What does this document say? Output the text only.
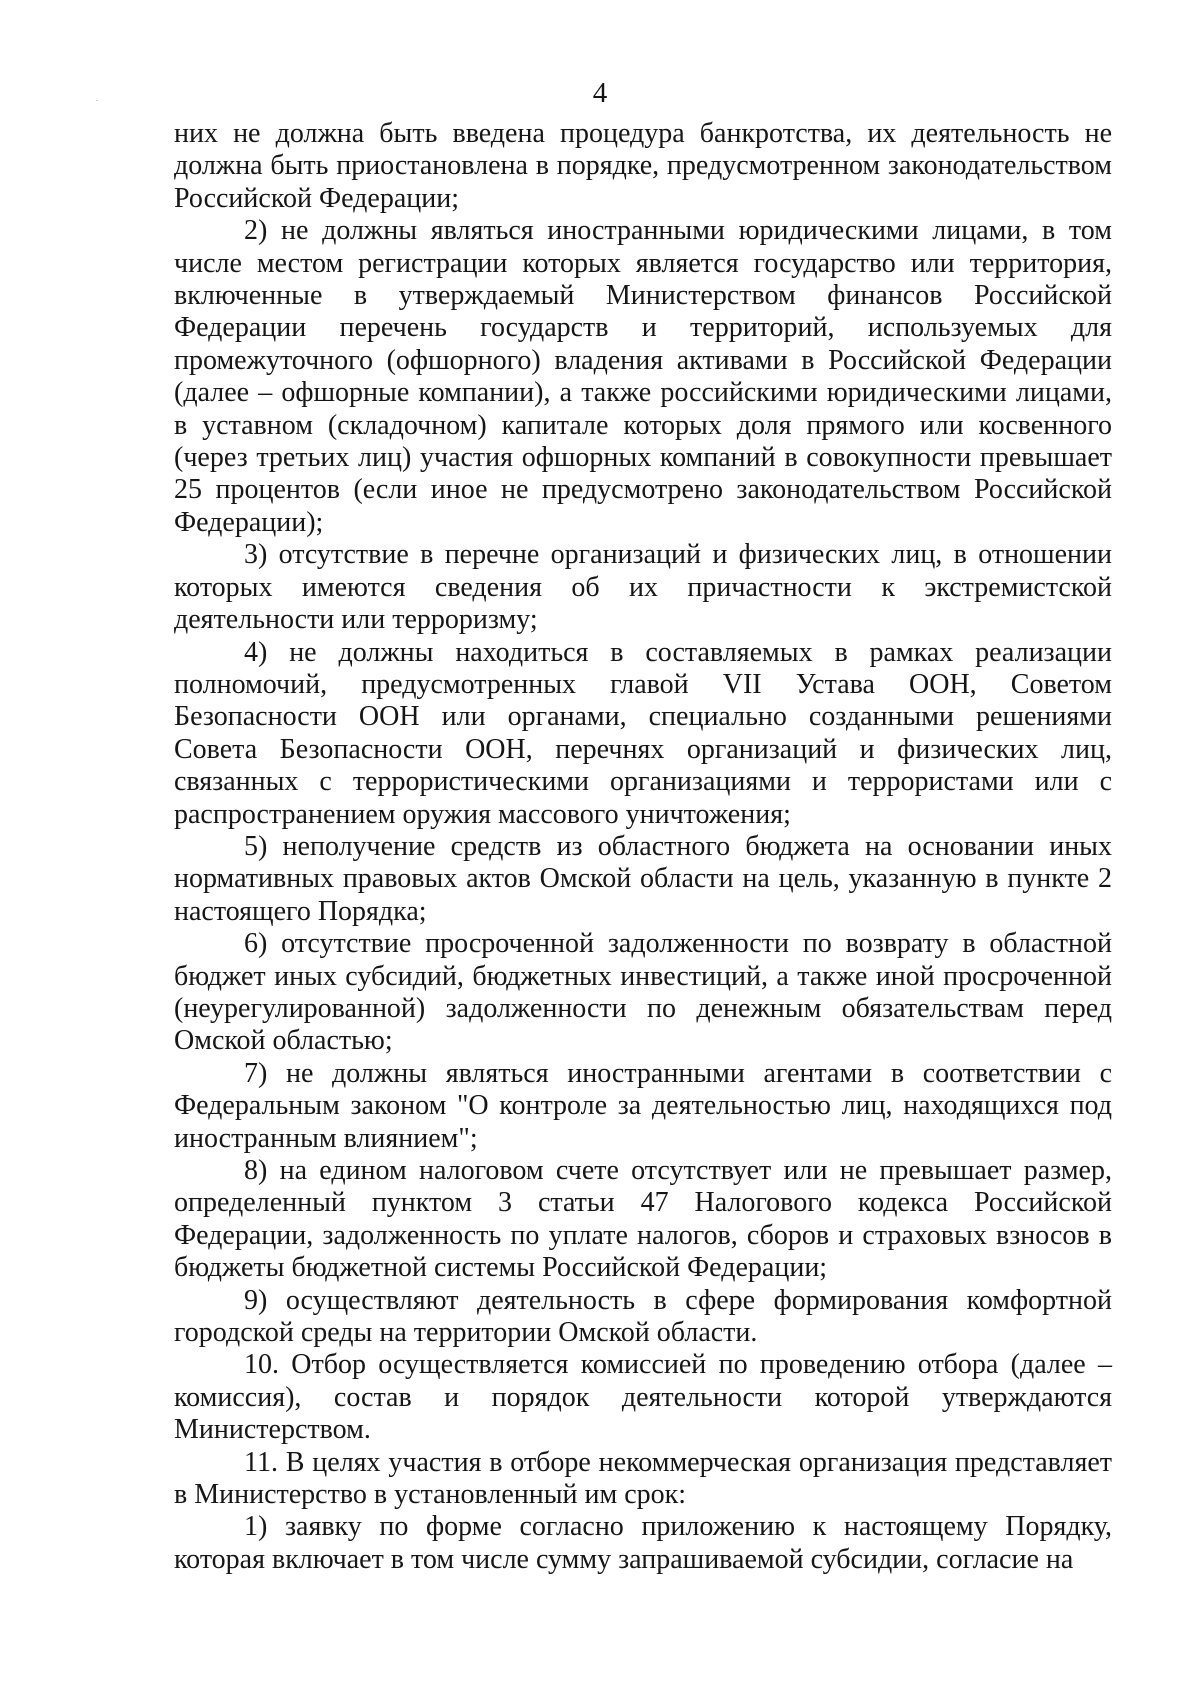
4

них не должна быть введена процедура банкротства, их деятельность не должна быть приостановлена в порядке, предусмотренном законодательством Российской Федерации;

2) не должны являться иностранными юридическими лицами, в том числе местом регистрации которых является государство или территория, включенные в утверждаемый Министерством финансов Российской Федерации перечень государств и территорий, используемых для промежуточного (офшорного) владения активами в Российской Федерации (далее – офшорные компании), а также российскими юридическими лицами, в уставном (складочном) капитале которых доля прямого или косвенного (через третьих лиц) участия офшорных компаний в совокупности превышает 25 процентов (если иное не предусмотрено законодательством Российской Федерации);

3) отсутствие в перечне организаций и физических лиц, в отношении которых имеются сведения об их причастности к экстремистской деятельности или терроризму;

4) не должны находиться в составляемых в рамках реализации полномочий, предусмотренных главой VII Устава ООН, Советом Безопасности ООН или органами, специально созданными решениями Совета Безопасности ООН, перечнях организаций и физических лиц, связанных с террористическими организациями и террористами или с распространением оружия массового уничтожения;

5) неполучение средств из областного бюджета на основании иных нормативных правовых актов Омской области на цель, указанную в пункте 2 настоящего Порядка;

6) отсутствие просроченной задолженности по возврату в областной бюджет иных субсидий, бюджетных инвестиций, а также иной просроченной (неурегулированной) задолженности по денежным обязательствам перед Омской областью;

7) не должны являться иностранными агентами в соответствии с Федеральным законом "О контроле за деятельностью лиц, находящихся под иностранным влиянием";

8) на едином налоговом счете отсутствует или не превышает размер, определенный пунктом 3 статьи 47 Налогового кодекса Российской Федерации, задолженность по уплате налогов, сборов и страховых взносов в бюджеты бюджетной системы Российской Федерации;

9) осуществляют деятельность в сфере формирования комфортной городской среды на территории Омской области.

10. Отбор осуществляется комиссией по проведению отбора (далее – комиссия), состав и порядок деятельности которой утверждаются Министерством.

11. В целях участия в отборе некоммерческая организация представляет в Министерство в установленный им срок:

1) заявку по форме согласно приложению к настоящему Порядку, которая включает в том числе сумму запрашиваемой субсидии, согласие на
